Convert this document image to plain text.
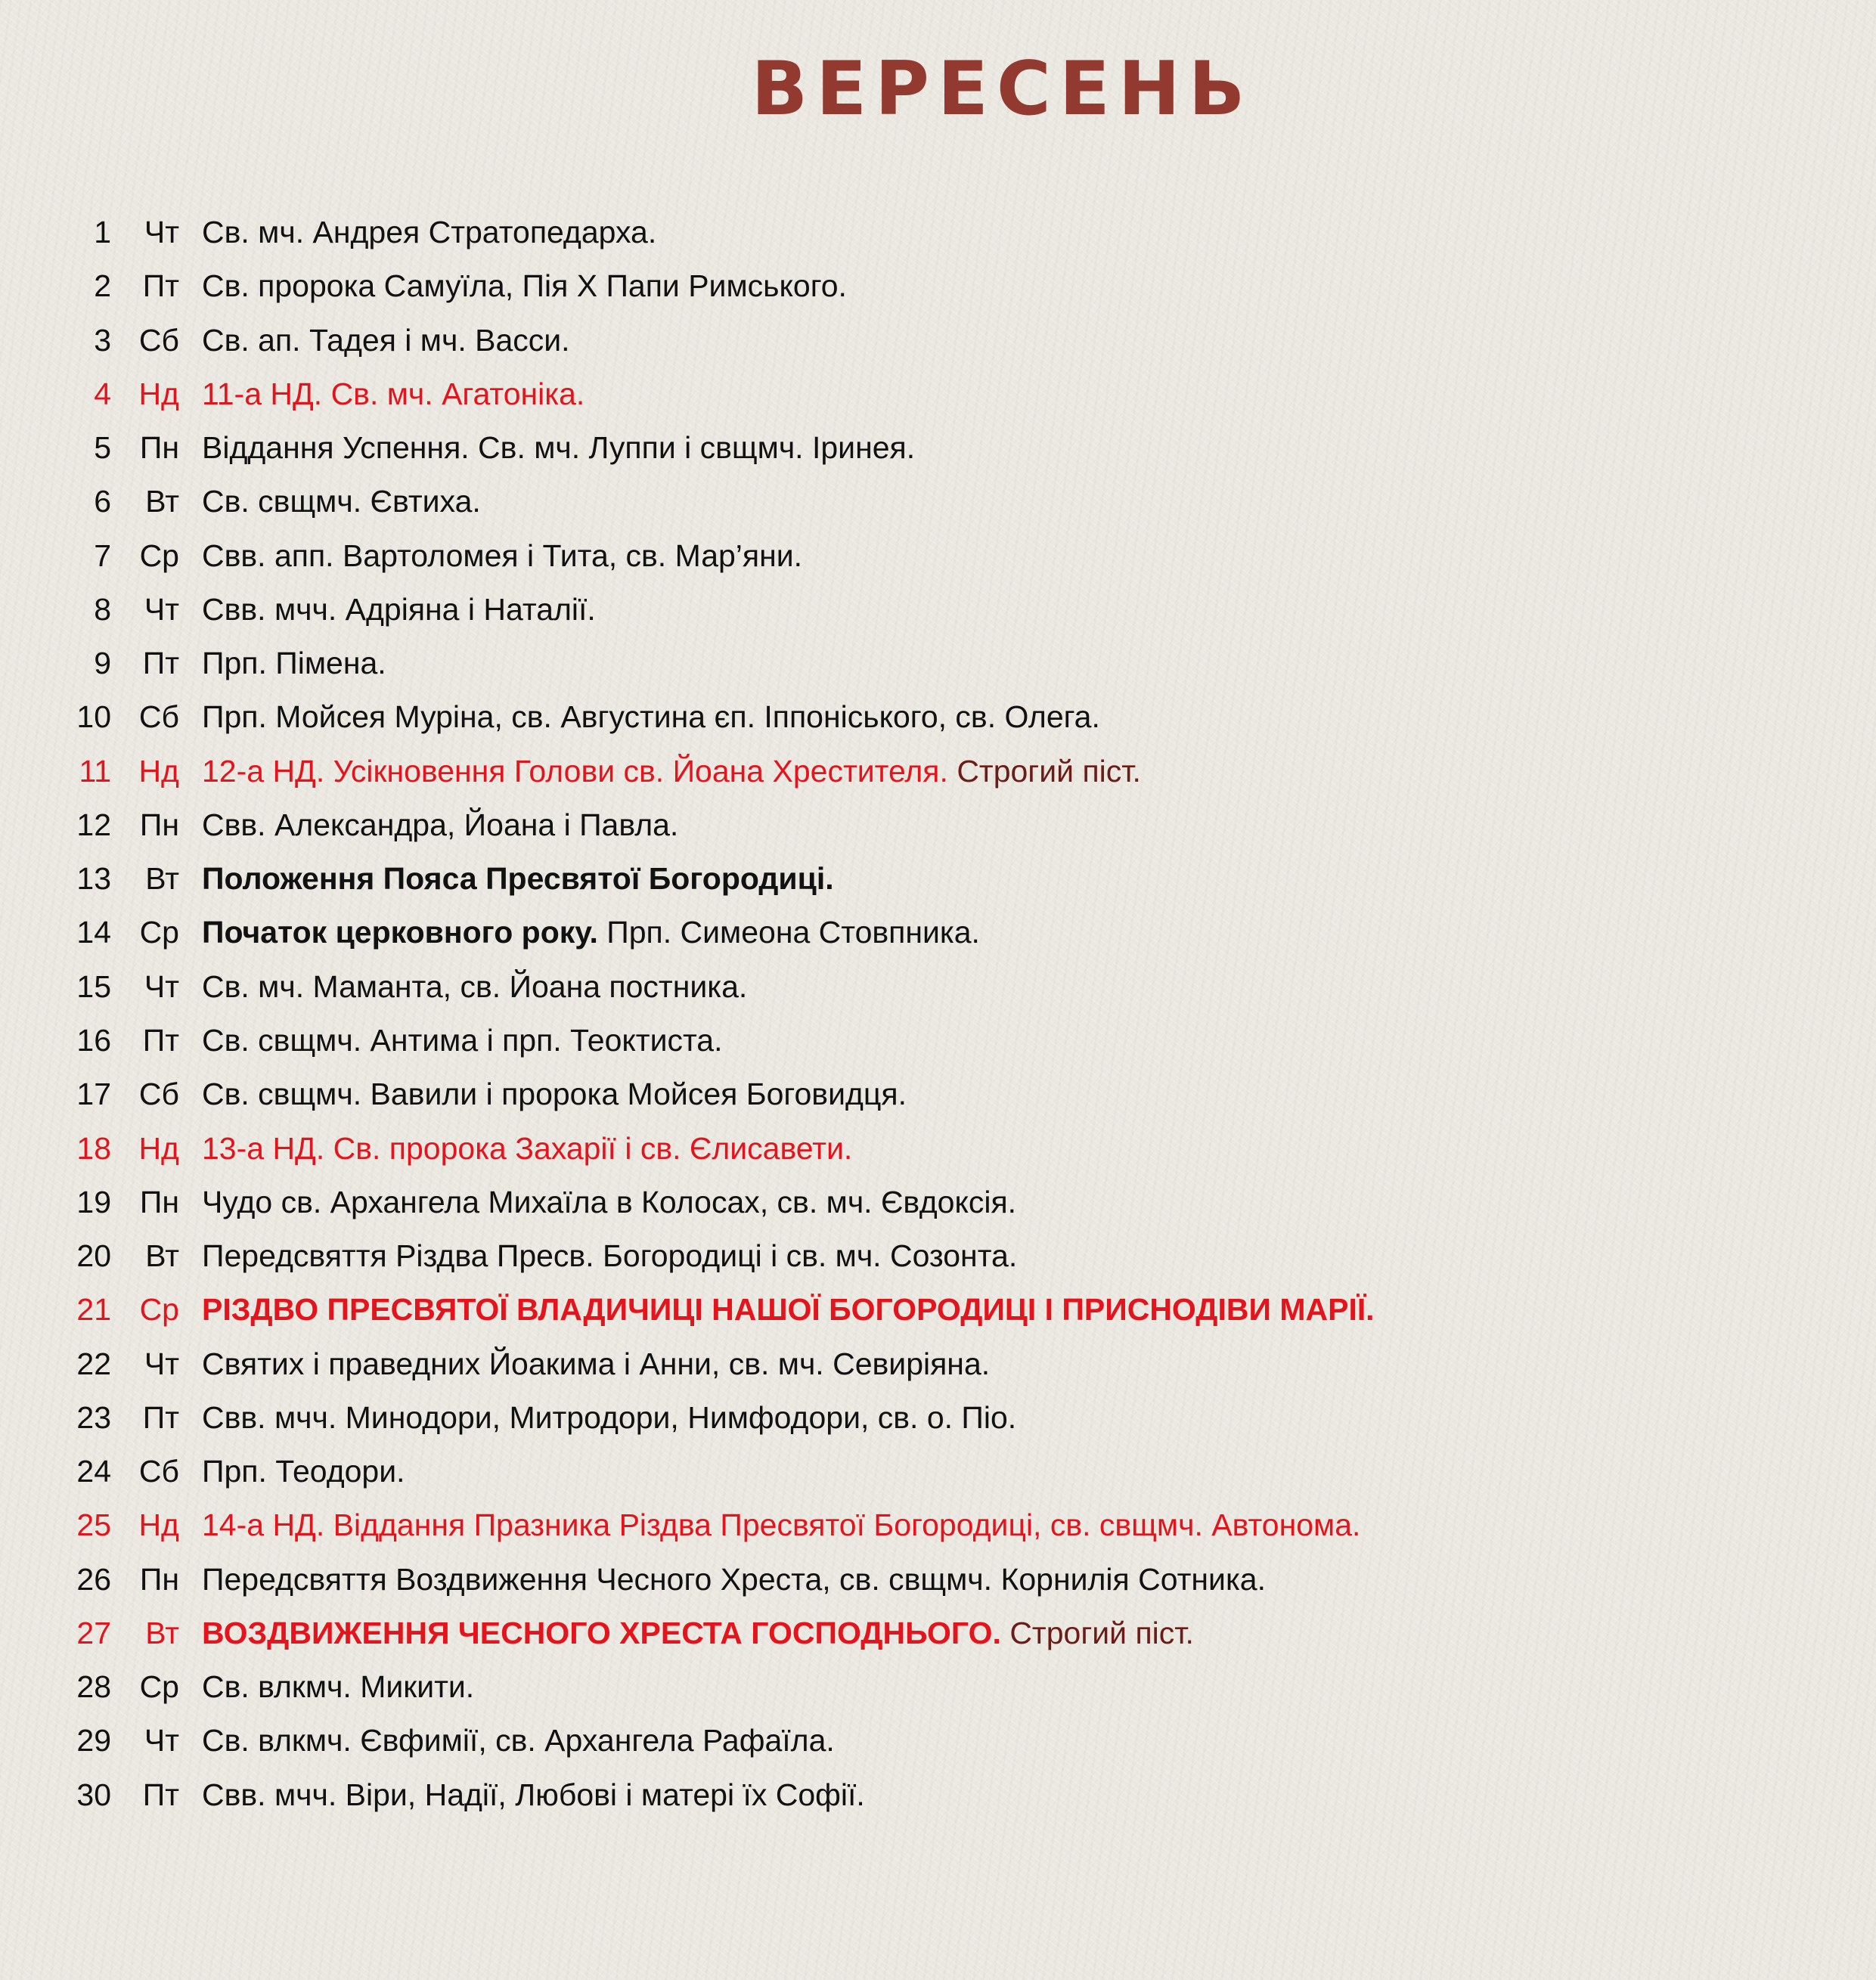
ВЕРЕСЕНЬ
1	Чт Св. мч. Андрея Стратопедарха.
2	Пт Св. пророка Самуїла, Пія Х Папи Римського.
3 Сб Св. ап. Тадея і мч. Васси.
4 Нд 11-а НД. Св. мч. Агатоніка.
5 Пн Віддання Успення. Св. мч. Луппи і свщмч. Іринея.
6	Вт Св. свщмч. Євтиха.
7 Ср Свв. апп. Вартоломея і Тита, св. Мар’яни.
8	Чт Свв. мчч. Адріяна і Наталії.
9	Пт Прп. Пімена.
10 Сб Прп. Мойсея Муріна, св. Августина єп. Іппоніського, св. Олега.
11 Нд 12-а НД. Усікновення Голови св. Йоана Хрестителя. Строгий піст.
12 Пн Свв. Александра, Йоана і Павла.
13	Вт Положення Пояса Пресвятої Богородиці.
14 Ср Початок церковного року. Прп. Симеона Стовпника.
15	Чт Св. мч. Маманта, св. Йоана постника.
16	Пт Св. свщмч. Антима і прп. Теоктиста.
17 Сб Св. свщмч. Вавили і пророка Мойсея Боговидця.
18 Нд 13-а НД. Св. пророка Захарії і св. Єлисавети.
19 Пн Чудо св. Архангела Михаїла в Колосах, св. мч. Євдоксія.
20	Вт Передсвяття Різдва Пресв. Богородиці і св. мч. Созонта.
21 Ср РІЗДВО ПРЕСВЯТОЇ ВЛАДИЧИЦІ НАШОЇ БОГОРОДИЦІ І ПРИСНОДІВИ МАРІЇ.
22	Чт Святих і праведних Йоакима і Анни, св. мч. Севиріяна.
23	Пт Свв. мчч. Минодори, Митродори, Нимфодори, св. о. Піо.
24 Сб Прп. Теодори.
25 Нд 14-а НД. Віддання Празника Різдва Пресвятої Богородиці, св. свщмч. Автонома.
26 Пн Передсвяття Воздвиження Чесного Хреста, св. свщмч. Корнилія Сотника.
27	Вт ВОЗДВИЖЕННЯ ЧЕСНОГО ХРЕСТА ГОСПОДНЬОГО. Строгий піст.
28 Ср Св. влкмч. Микити.
29	Чт Св. влкмч. Євфимії, св. Архангела Рафаїла.
30	Пт Свв. мчч. Віри, Надії, Любові і матері їх Софії.
